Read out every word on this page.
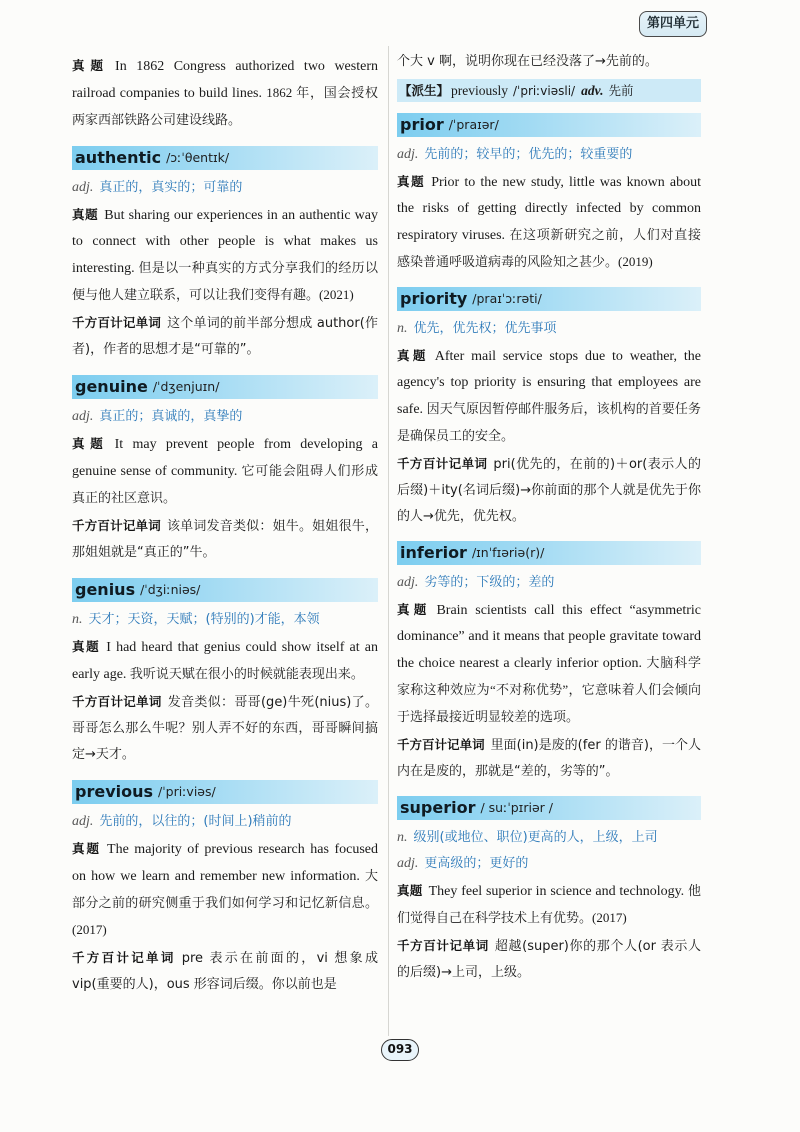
第四单元

真题 In 1862 Congress authorized two western railroad companies to build lines. 1862 年，国会授权两家西部铁路公司建设线路。

authentic /ɔːˈθentɪk/
adj. 真正的，真实的；可靠的

真题 But sharing our experiences in an authentic way to connect with other people is what makes us interesting. 但是以一种真实的方式分享我们的经历以便与他人建立联系，可以让我们变得有趣。(2021)

千方百计记单词 这个单词的前半部分想成 author(作者)，作者的思想才是“可靠的”。

genuine /ˈdʒenjuɪn/
adj. 真正的；真诚的，真挚的

真题 It may prevent people from developing a genuine sense of community. 它可能会阻碍人们形成真正的社区意识。

千方百计记单词 该单词发音类似：姐牛。姐姐很牛，那姐姐就是“真正的”牛。

genius /ˈdʒiːniəs/
n. 天才；天资，天赋；(特别的)才能，本领

真题 I had heard that genius could show itself at an early age. 我听说天赋在很小的时候就能表现出来。

千方百计记单词 发音类似：哥哥(ge)牛死(nius)了。哥哥怎么那么牛呢？别人弄不好的东西，哥哥瞬间搞定→天才。

previous /ˈpriːviəs/
adj. 先前的，以往的；(时间上)稍前的

真题 The majority of previous research has focused on how we learn and remember new information. 大部分之前的研究侧重于我们如何学习和记忆新信息。(2017)

千方百计记单词 pre 表示在前面的，vi 想象成 vip(重要的人)，ous 形容词后缀。你以前也是

个大 v 啊，说明你现在已经没落了→先前的。

【派生】 previously /ˈpriːviəsli/ adv. 先前
prior /ˈpraɪər/
adj. 先前的；较早的；优先的；较重要的

真题 Prior to the new study, little was known about the risks of getting directly infected by common respiratory viruses. 在这项新研究之前，人们对直接感染普通呼吸道病毒的风险知之甚少。(2019)

priority /praɪˈɔːrəti/
n. 优先，优先权；优先事项

真题 After mail service stops due to weather, the agency's top priority is ensuring that employees are safe. 因天气原因暂停邮件服务后，该机构的首要任务是确保员工的安全。

千方百计记单词 pri(优先的，在前的)＋or(表示人的后缀)＋ity(名词后缀)→你前面的那个人就是优先于你的人→优先，优先权。

inferior /ɪnˈfɪəriə(r)/
adj. 劣等的；下级的；差的

真题 Brain scientists call this effect “asymmetric dominance” and it means that people gravitate toward the choice nearest a clearly inferior option. 大脑科学家称这种效应为“不对称优势”，它意味着人们会倾向于选择最接近明显较差的选项。

千方百计记单词 里面(in)是废的(fer 的谐音)，一个人内在是废的，那就是“差的，劣等的”。

superior / suːˈpɪriər /
n. 级别(或地位、职位)更高的人，上级，上司
adj. 更高级的；更好的

真题 They feel superior in science and technology. 他们觉得自己在科学技术上有优势。(2017)

千方百计记单词 超越(super)你的那个人(or 表示人的后缀)→上司，上级。

093
